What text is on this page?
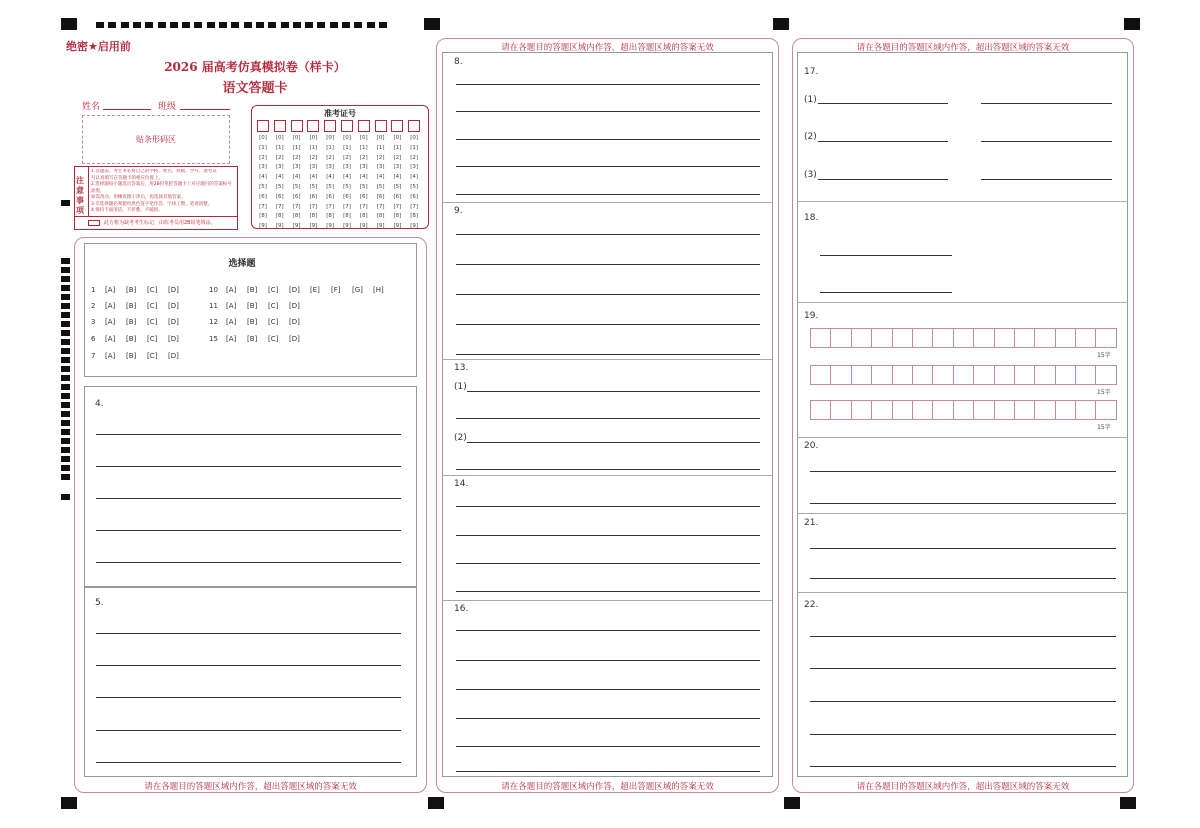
绝密★启用前
2026 届高考仿真模拟卷（样卡）
语文答题卡
姓名	班级
贴条形码区
注意事项
1.答题前，考生务必将自己的学校、姓名、班级、学号、准考证
号认真填写在答题卡的相应位置上。
2.选择题每小题选出答案后，用2B铅笔把答题卡上对应题目的答案标号涂黑，
如需改动，用橡皮擦干净后，再选涂其他答案。
3.非选择题必须使用黑色签字笔作答，字体工整、笔迹清楚。
4.保持卡面清洁，不折叠、不破损。
此方框为缺考考生标记，由监考员用2B铅笔填涂。
准考证号
选择题
4.
5.
请在各题目的答题区域内作答，超出答题区域的答案无效
请在各题目的答题区域内作答，超出答题区域的答案无效
请在各题目的答题区域内作答，超出答题区域的答案无效
8.
9.
13.
(1)
(2)
14.
16.
请在各题目的答题区域内作答，超出答题区域的答案无效
请在各题目的答题区域内作答，超出答题区域的答案无效
17.
(1)
(2)
(3)
18.
19.
20.
21.
22.
[0]
[1]
[2]
[3]
[4]
[5]
[6]
[7]
[8]
[9]
[0]
[1]
[2]
[3]
[4]
[5]
[6]
[7]
[8]
[9]
[0]
[1]
[2]
[3]
[4]
[5]
[6]
[7]
[8]
[9]
[0]
[1]
[2]
[3]
[4]
[5]
[6]
[7]
[8]
[9]
[0]
[1]
[2]
[3]
[4]
[5]
[6]
[7]
[8]
[9]
[0]
[1]
[2]
[3]
[4]
[5]
[6]
[7]
[8]
[9]
[0]
[1]
[2]
[3]
[4]
[5]
[6]
[7]
[8]
[9]
[0]
[1]
[2]
[3]
[4]
[5]
[6]
[7]
[8]
[9]
[0]
[1]
[2]
[3]
[4]
[5]
[6]
[7]
[8]
[9]
[0]
[1]
[2]
[3]
[4]
[5]
[6]
[7]
[8]
[9]
1 [A] [B] [C] [D]
2 [A] [B] [C] [D]
3 [A] [B] [C] [D]
6 [A] [B] [C] [D]
7 [A] [B] [C] [D]
10 [A] [B] [C] [D] [E] [F] [G] [H]
11 [A] [B] [C] [D]
12 [A] [B] [C] [D]
15 [A] [B] [C] [D]
15字
15字
15字
